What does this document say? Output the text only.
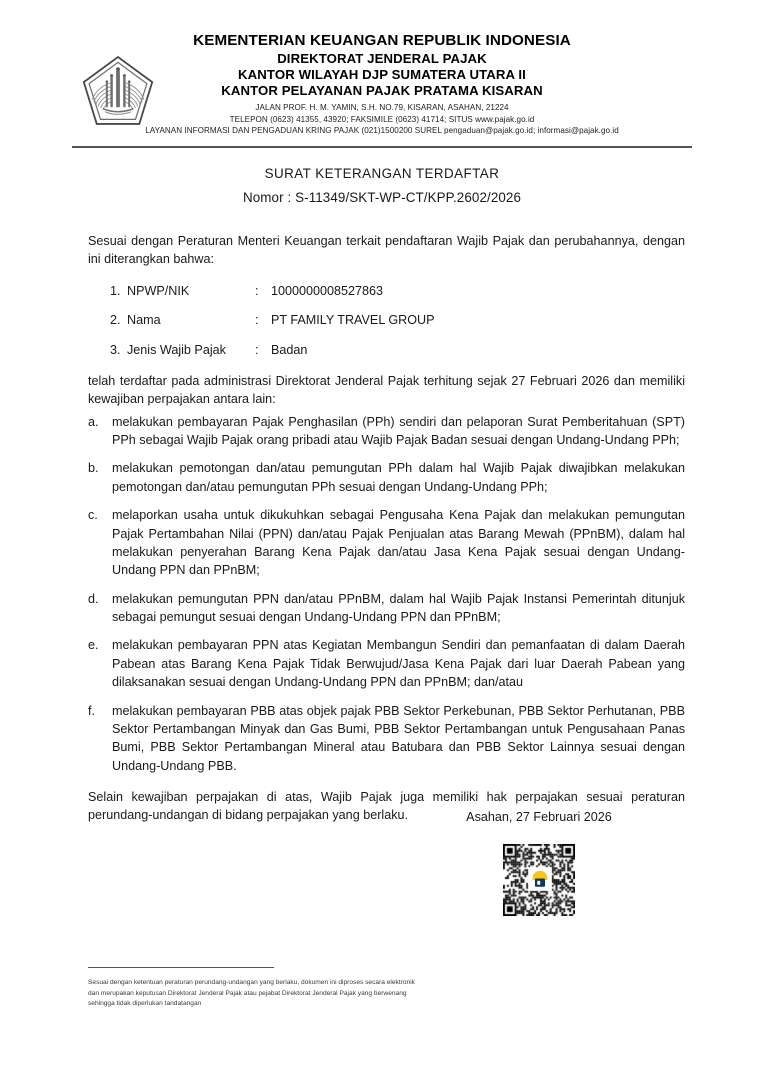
KEMENTERIAN KEUANGAN REPUBLIK INDONESIA
DIREKTORAT JENDERAL PAJAK
KANTOR WILAYAH DJP SUMATERA UTARA II
KANTOR PELAYANAN PAJAK PRATAMA KISARAN
JALAN PROF. H. M. YAMIN, S.H. NO.79, KISARAN, ASAHAN, 21224
TELEPON (0623) 41355, 43920; FAKSIMILE (0623) 41714; SITUS www.pajak.go.id
LAYANAN INFORMASI DAN PENGADUAN KRING PAJAK (021)1500200 SUREL pengaduan@pajak.go.id; informasi@pajak.go.id
SURAT KETERANGAN TERDAFTAR
Nomor : S-11349/SKT-WP-CT/KPP.2602/2026
Sesuai dengan Peraturan Menteri Keuangan terkait pendaftaran Wajib Pajak dan perubahannya, dengan ini diterangkan bahwa:
1. NPWP/NIK	: 1000000008527863
2. Nama	: PT FAMILY TRAVEL GROUP
3. Jenis Wajib Pajak	: Badan
telah terdaftar pada administrasi Direktorat Jenderal Pajak terhitung sejak 27 Februari 2026 dan memiliki kewajiban perpajakan antara lain:
a.	melakukan pembayaran Pajak Penghasilan (PPh) sendiri dan pelaporan Surat Pemberitahuan (SPT) PPh sebagai Wajib Pajak orang pribadi atau Wajib Pajak Badan sesuai dengan Undang-Undang PPh;
b.	melakukan pemotongan dan/atau pemungutan PPh dalam hal Wajib Pajak diwajibkan melakukan pemotongan dan/atau pemungutan PPh sesuai dengan Undang-Undang PPh;
c.	melaporkan usaha untuk dikukuhkan sebagai Pengusaha Kena Pajak dan melakukan pemungutan Pajak Pertambahan Nilai (PPN) dan/atau Pajak Penjualan atas Barang Mewah (PPnBM), dalam hal melakukan penyerahan Barang Kena Pajak dan/atau Jasa Kena Pajak sesuai dengan Undang-Undang PPN dan PPnBM;
d.	melakukan pemungutan PPN dan/atau PPnBM, dalam hal Wajib Pajak Instansi Pemerintah ditunjuk sebagai pemungut sesuai dengan Undang-Undang PPN dan PPnBM;
e.	melakukan pembayaran PPN atas Kegiatan Membangun Sendiri dan pemanfaatan di dalam Daerah Pabean atas Barang Kena Pajak Tidak Berwujud/Jasa Kena Pajak dari luar Daerah Pabean yang dilaksanakan sesuai dengan Undang-Undang PPN dan PPnBM; dan/atau
f.	melakukan pembayaran PBB atas objek pajak PBB Sektor Perkebunan, PBB Sektor Perhutanan, PBB Sektor Pertambangan Minyak dan Gas Bumi, PBB Sektor Pertambangan untuk Pengusahaan Panas Bumi, PBB Sektor Pertambangan Mineral atau Batubara dan PBB Sektor Lainnya sesuai dengan Undang-Undang PBB.
Selain kewajiban perpajakan di atas, Wajib Pajak juga memiliki hak perpajakan sesuai peraturan perundang-undangan di bidang perpajakan yang berlaku.	Asahan, 27 Februari 2026
Sesuai dengan ketentuan peraturan perundang-undangan yang berlaku, dokumen ini diproses secara elektronik dan merupakan keputusan Direktorat Jenderal Pajak atau pejabat Direktorat Jenderal Pajak yang berwenang sehingga tidak diperlukan tandatangan
